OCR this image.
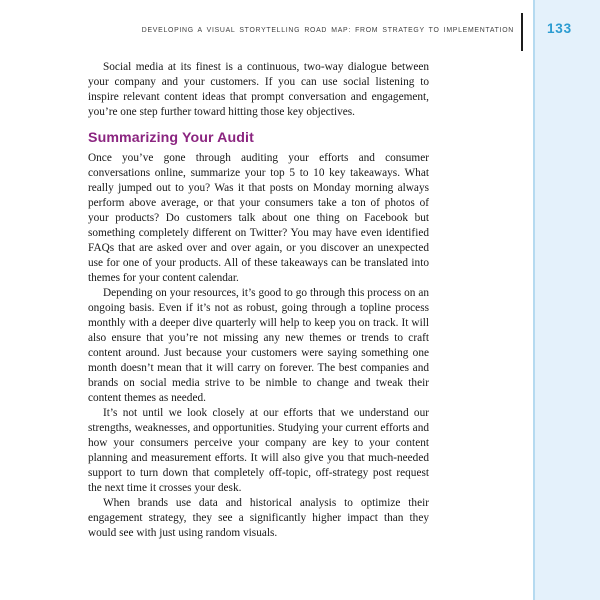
DEVELOPING A VISUAL STORYTELLING ROAD MAP: FROM STRATEGY TO IMPLEMENTATION 133

Social media at its finest is a continuous, two-way dialogue between your company and your customers. If you can use social listening to inspire relevant content ideas that prompt conversation and engagement, you’re one step further toward hitting those key objectives.

Summarizing Your Audit

Once you’ve gone through auditing your efforts and consumer conversations online, summarize your top 5 to 10 key takeaways. What really jumped out to you? Was it that posts on Monday morning always perform above average, or that your consumers take a ton of photos of your products? Do customers talk about one thing on Facebook but something completely different on Twitter? You may have even identified FAQs that are asked over and over again, or you discover an unexpected use for one of your products. All of these takeaways can be translated into themes for your content calendar.

Depending on your resources, it’s good to go through this process on an ongoing basis. Even if it’s not as robust, going through a topline process monthly with a deeper dive quarterly will help to keep you on track. It will also ensure that you’re not missing any new themes or trends to craft content around. Just because your customers were saying something one month doesn’t mean that it will carry on forever. The best companies and brands on social media strive to be nimble to change and tweak their content themes as needed.

It’s not until we look closely at our efforts that we understand our strengths, weaknesses, and opportunities. Studying your current efforts and how your consumers perceive your company are key to your content planning and measurement efforts. It will also give you that much-needed support to turn down that completely off-topic, off-strategy post request the next time it crosses your desk.

When brands use data and historical analysis to optimize their engagement strategy, they see a significantly higher impact than they would see with just using random visuals.
